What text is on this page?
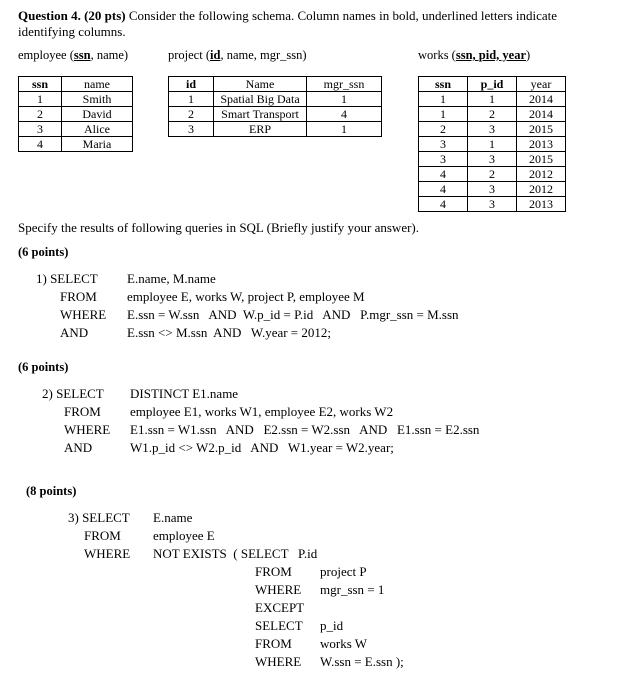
Question 4. (20 pts) Consider the following schema. Column names in bold, underlined letters indicate identifying columns.
employee (ssn, name)	project (id, name, mgr_ssn)	works (ssn, pid, year)
ssn	name
1	Smith
2	David
3	Alice
4	Maria
id	Name	mgr_ssn
1	Spatial Big Data	1
2	Smart Transport	4
3	ERP	1
ssn	p_id	year
1	1	2014
1	2	2014
2	3	2015
3	1	2013
3	3	2015
4	2	2012
4	3	2012
4	3	2013
Specify the results of following queries in SQL (Briefly justify your answer).
(6 points)
1) SELECT E.name, M.name
FROM employee E, works W, project P, employee M
WHERE E.ssn = W.ssn   AND  W.p_id = P.id   AND   P.mgr_ssn = M.ssn
AND	E.ssn <> M.ssn  AND   W.year = 2012;
(6 points)
2) SELECT DISTINCT E1.name
FROM employee E1, works W1, employee E2, works W2
WHERE E1.ssn = W1.ssn   AND   E2.ssn = W2.ssn   AND   E1.ssn = E2.ssn
AND	W1.p_id <> W2.p_id   AND   W1.year = W2.year;
(8 points)
3) SELECT E.name
FROM employee E
WHERE NOT EXISTS  ( SELECT   P.id
FROM project P
WHERE mgr_ssn = 1
EXCEPT
SELECT p_id
FROM works W
WHERE W.ssn = E.ssn );
